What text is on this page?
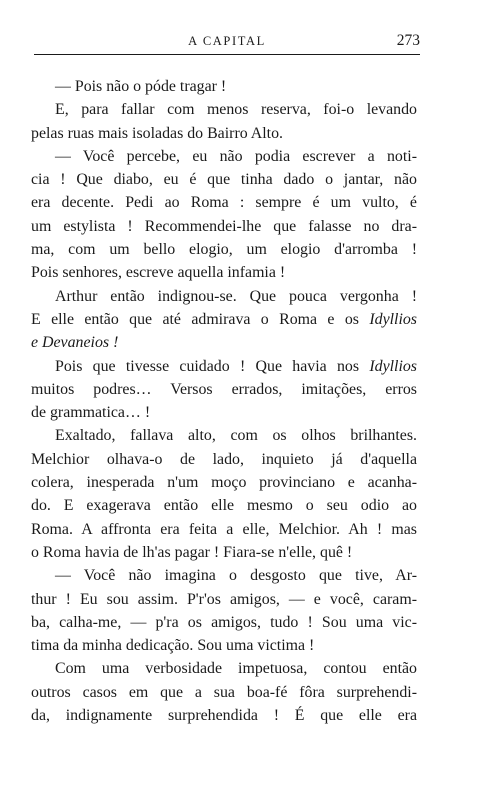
A CAPITAL	273
— Pois não o póde tragar !
E, para fallar com menos reserva, foi-o levando
pelas ruas mais isoladas do Bairro Alto.
— Você percebe, eu não podia escrever a noti-
cia ! Que diabo, eu é que tinha dado o jantar, não
era decente. Pedi ao Roma : sempre é um vulto, é
um estylista ! Recommendei-lhe que falasse no dra-
ma, com um bello elogio, um elogio d'arromba !
Pois senhores, escreve aquella infamia !
Arthur então indignou-se. Que pouca vergonha !
E elle então que até admirava o Roma e os Idyllios
e Devaneios !
Pois que tivesse cuidado ! Que havia nos Idyllios
muitos podres… Versos errados, imitações, erros
de grammatica… !
Exaltado, fallava alto, com os olhos brilhantes.
Melchior olhava-o de lado, inquieto já d'aquella
colera, inesperada n'um moço provinciano e acanha-
do. E exagerava então elle mesmo o seu odio ao
Roma. A affronta era feita a elle, Melchior. Ah ! mas
o Roma havia de lh'as pagar ! Fiara-se n'elle, quê !
— Você não imagina o desgosto que tive, Ar-
thur ! Eu sou assim. P'r'os amigos, — e você, caram-
ba, calha-me, — p'ra os amigos, tudo ! Sou uma vic-
tima da minha dedicação. Sou uma victima !
Com uma verbosidade impetuosa, contou então
outros casos em que a sua boa-fé fôra surprehendi-
da, indignamente surprehendida ! É que elle era
